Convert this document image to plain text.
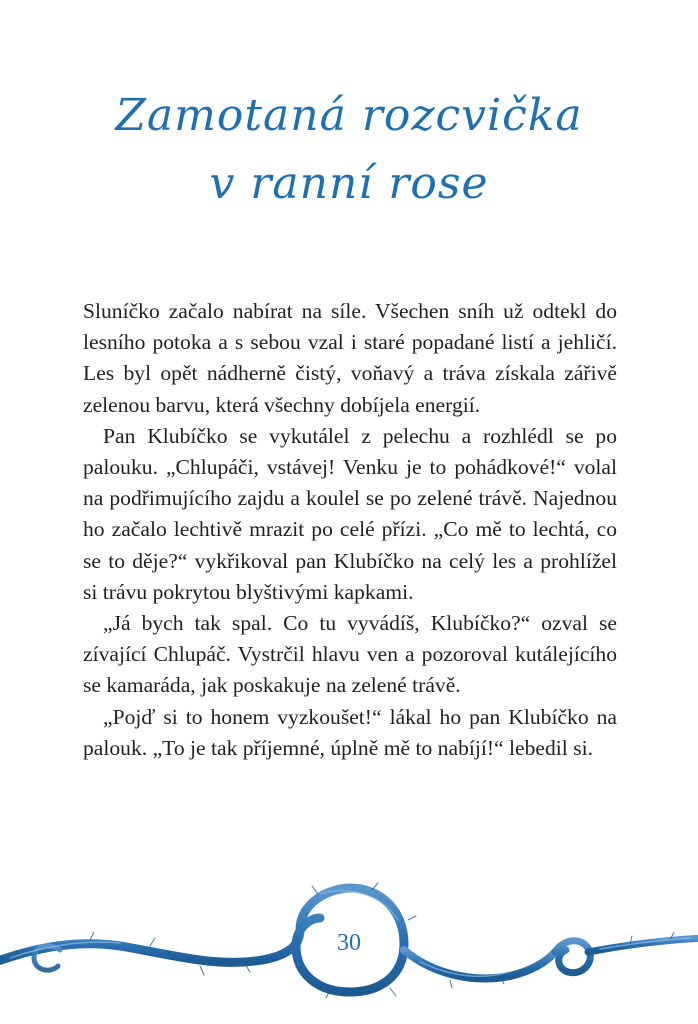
Zamotaná rozcvička
v ranní rose

Sluníčko začalo nabírat na síle. Všechen sníh už odtekl do lesního potoka a s sebou vzal i staré popadané listí a jehličí. Les byl opět nádherně čistý, voňavý a tráva získala zářivě zelenou barvu, která všechny dobíjela energií.

Pan Klubíčko se vykutálel z pelechu a rozhlédl se po palouku. „Chlupáči, vstávej! Venku je to pohádkové!“ volal na podřimujícího zajdu a koulel se po zelené trávě. Najednou ho začalo lechtivě mrazit po celé přízi. „Co mě to lechtá, co se to děje?“ vykřikoval pan Klubíčko na celý les a prohlížel si trávu pokrytou blyštivými kapkami.

„Já bych tak spal. Co tu vyvádíš, Klubíčko?“ ozval se zívající Chlupáč. Vystrčil hlavu ven a pozoroval kutálejícího se kamaráda, jak poskakuje na zelené trávě.

„Pojď si to honem vyzkoušet!“ lákal ho pan Klubíčko na palouk. „To je tak příjemné, úplně mě to nabíjí!“ lebedil si.

30
